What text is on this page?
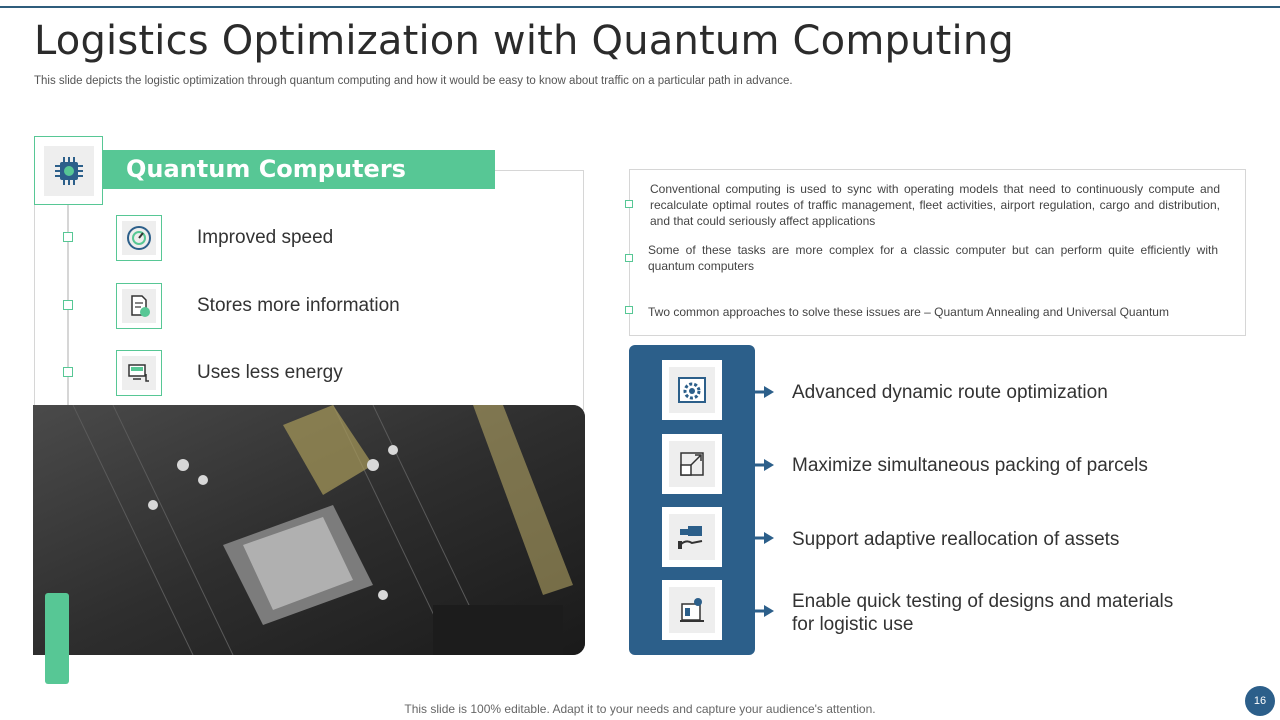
Logistics Optimization with Quantum Computing
This slide depicts the logistic optimization through quantum computing and how it would be easy to know about traffic on a particular path in advance.
Quantum Computers
Improved speed
Stores more information
Uses less energy
Conventional computing is used to sync with operating models that need to continuously compute and recalculate optimal routes of traffic management, fleet activities, airport regulation, cargo and distribution, and that could seriously affect applications
Some of these tasks are more complex for a classic computer but can perform quite efficiently with quantum computers
Two common approaches to solve these issues are – Quantum Annealing and Universal Quantum
Advanced dynamic route optimization
Maximize simultaneous packing of parcels
Support adaptive reallocation of assets
Enable quick testing of designs and materials for logistic use
This slide is 100% editable. Adapt it to your needs and capture your audience's attention.
16
